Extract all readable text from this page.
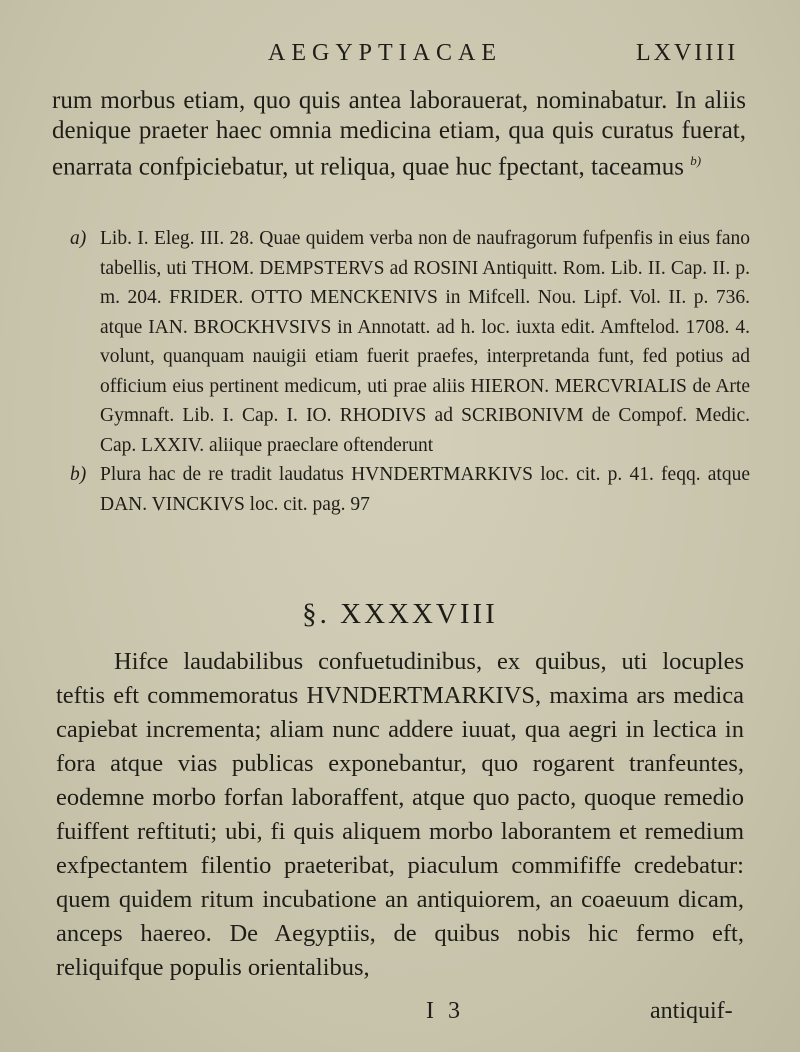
AEGYPTIACAE	LXVIIII

rum morbus etiam, quo quis antea laborauerat, nominabatur. In aliis denique praeter haec omnia medicina etiam, qua quis curatus fuerat, enarrata confpiciebatur, ut reliqua, quae huc fpectant, taceamus $^{b)}$

a) Lib. I. Eleg. III. 28. Quae quidem verba non de naufragorum fufpenfis in eius fano tabellis, uti THOM. DEMPSTERVS ad ROSINI Antiquitt. Rom. Lib. II. Cap. II. p. m. 204. FRIDER. OTTO MENCKENIVS in Mifcell. Nou. Lipf. Vol. II. p. 736. atque IAN. BROCKHVSIVS in Annotatt. ad h. loc. iuxta edit. Amftelod. 1708. 4. volunt, quanquam nauigii etiam fuerit praefes, interpretanda funt, fed potius ad officium eius pertinent medicum, uti prae aliis HIERON. MERCVRIALIS de Arte Gymnaft. Lib. I. Cap. I. IO. RHODIVS ad SCRIBONIVM de Compof. Medic. Cap. LXXIV. aliique praeclare oftenderunt

b) Plura hac de re tradit laudatus HVNDERTMARKIVS loc. cit. p. 41. feqq. atque DAN. VINCKIVS loc. cit. pag. 97

§. XXXXVIII

Hifce laudabilibus confuetudinibus, ex quibus, uti locuples teftis eft commemoratus HVNDERTMARKIVS, maxima ars medica capiebat incrementa; aliam nunc addere iuuat, qua aegri in lectica in fora atque vias publicas exponebantur, quo rogarent tranfeuntes, eodemne morbo forfan laboraffent, atque quo pacto, quoque remedio fuiffent reftituti; ubi, fi quis aliquem morbo laborantem et remedium exfpectantem filentio praeteribat, piaculum commififfe credebatur: quem quidem ritum incubatione an antiquiorem, an coaeuum dicam, anceps haereo. De Aegyptiis, de quibus nobis hic fermo eft, reliquifque populis orientalibus,

I 3	antiquif-
